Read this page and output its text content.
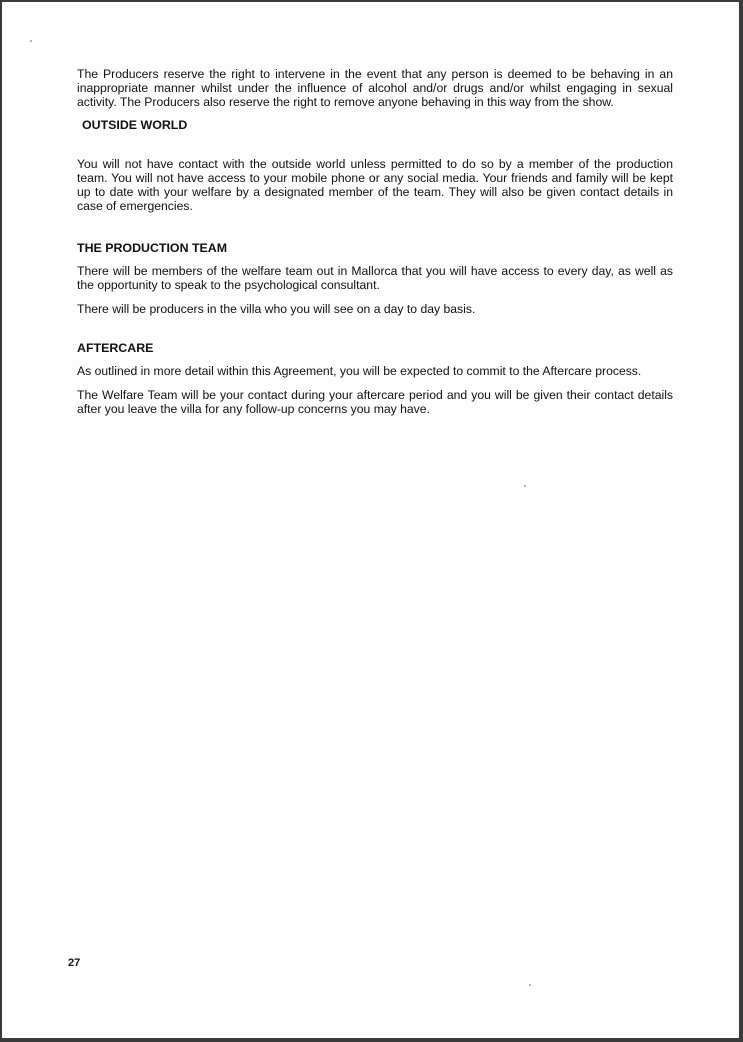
The Producers reserve the right to intervene in the event that any person is deemed to be behaving in an inappropriate manner whilst under the influence of alcohol and/or drugs and/or whilst engaging in sexual activity. The Producers also reserve the right to remove anyone behaving in this way from the show.

OUTSIDE WORLD

You will not have contact with the outside world unless permitted to do so by a member of the production team. You will not have access to your mobile phone or any social media. Your friends and family will be kept up to date with your welfare by a designated member of the team. They will also be given contact details in case of emergencies.

THE PRODUCTION TEAM

There will be members of the welfare team out in Mallorca that you will have access to every day, as well as the opportunity to speak to the psychological consultant.

There will be producers in the villa who you will see on a day to day basis.

AFTERCARE

As outlined in more detail within this Agreement, you will be expected to commit to the Aftercare process.

The Welfare Team will be your contact during your aftercare period and you will be given their contact details after you leave the villa for any follow-up concerns you may have.

27
